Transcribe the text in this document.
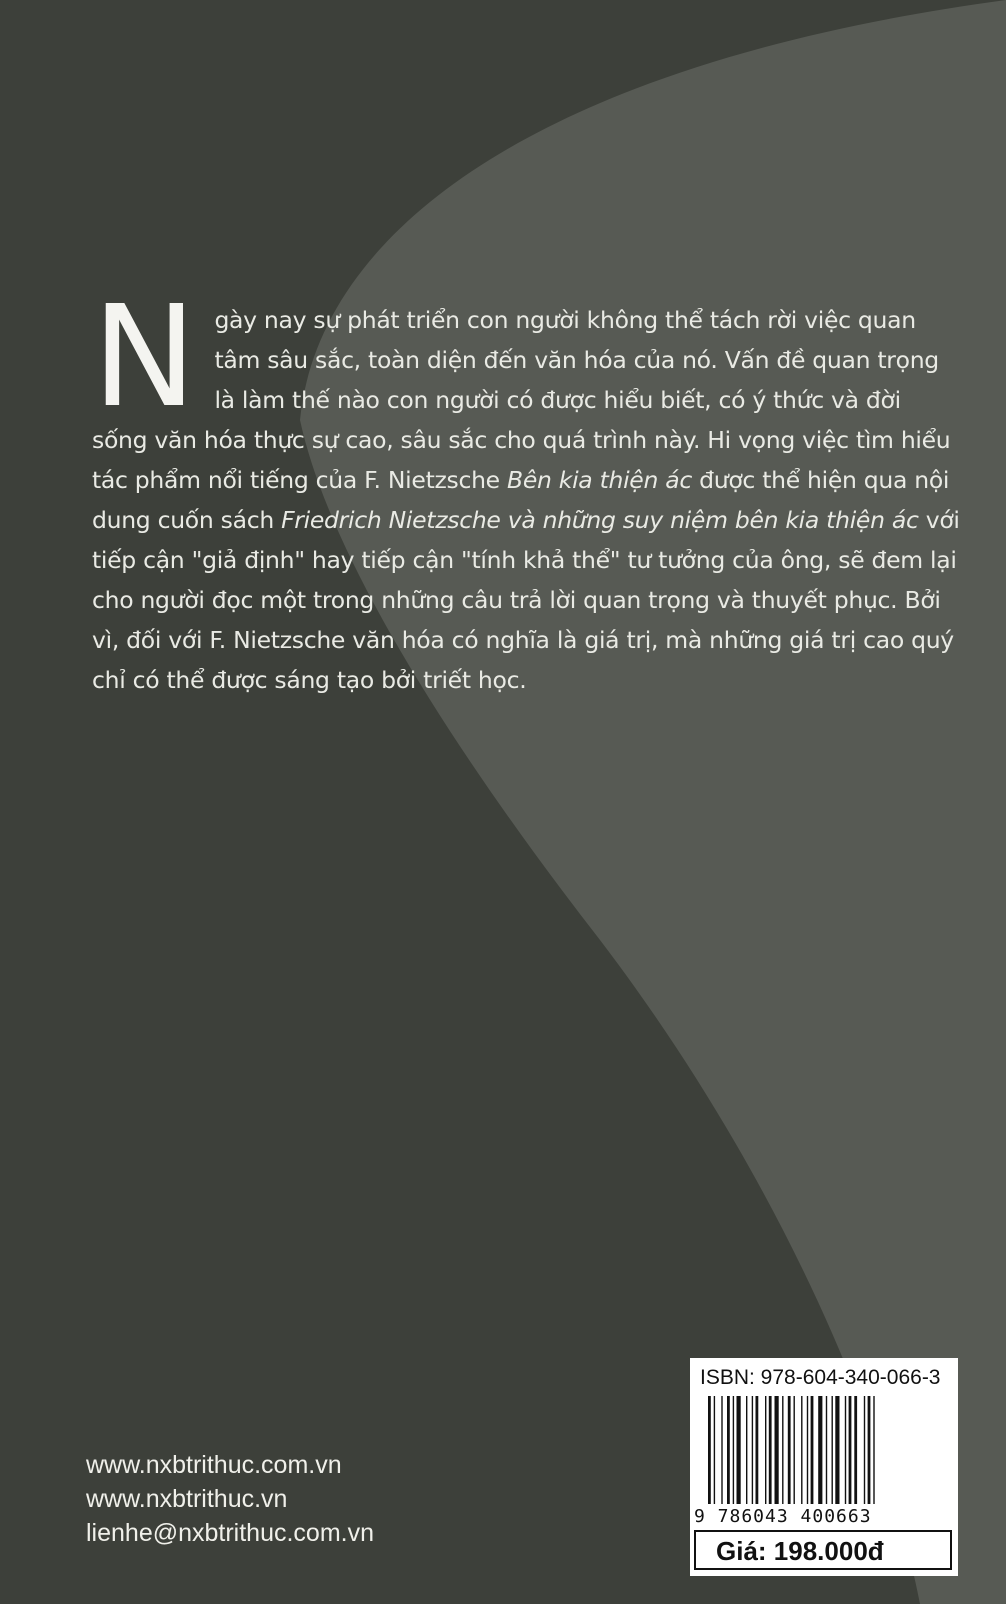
N gày nay sự phát triển con người không thể tách rời việc quan tâm sâu sắc, toàn diện đến văn hóa của nó. Vấn đề quan trọng là làm thế nào con người có được hiểu biết, có ý thức và đời sống văn hóa thực sự cao, sâu sắc cho quá trình này. Hi vọng việc tìm hiểu tác phẩm nổi tiếng của F. Nietzsche Bên kia thiện ác được thể hiện qua nội dung cuốn sách Friedrich Nietzsche và những suy niệm bên kia thiện ác với tiếp cận "giả định" hay tiếp cận "tính khả thể" tư tưởng của ông, sẽ đem lại cho người đọc một trong những câu trả lời quan trọng và thuyết phục. Bởi vì, đối với F. Nietzsche văn hóa có nghĩa là giá trị, mà những giá trị cao quý chỉ có thể được sáng tạo bởi triết học.
www.nxbtrithuc.com.vn
www.nxbtrithuc.vn
lienhe@nxbtrithuc.com.vn
ISBN: 978-604-340-066-3
9 786043 400663
Giá: 198.000đ
